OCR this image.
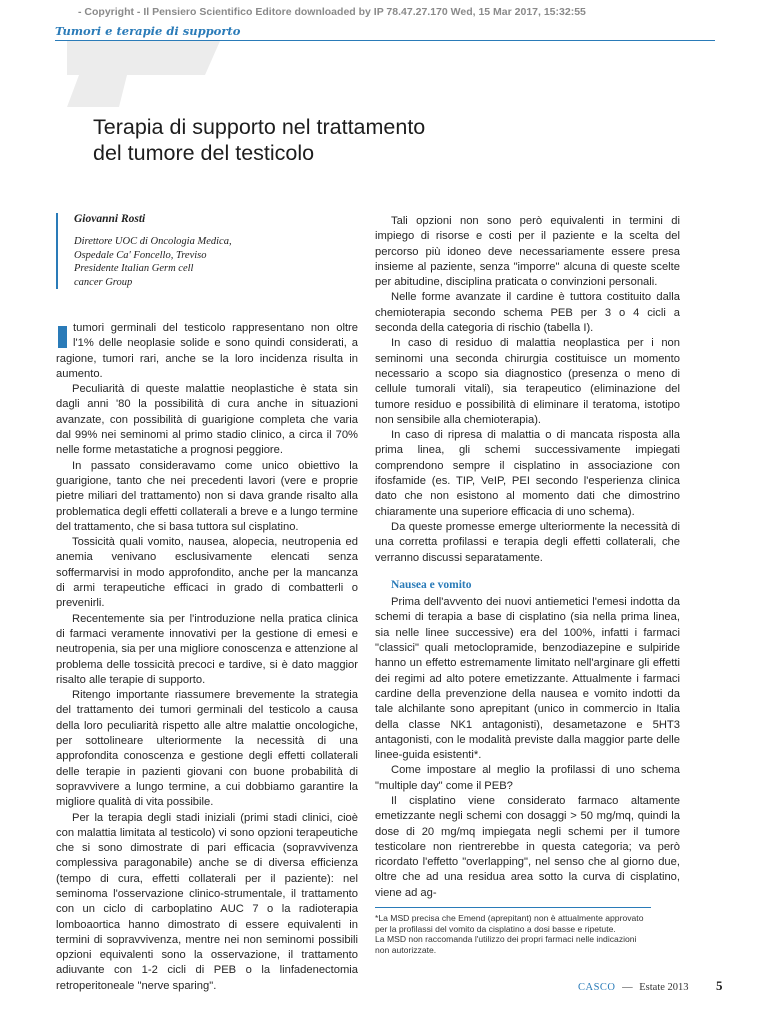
- Copyright - Il Pensiero Scientifico Editore downloaded by IP 78.47.27.170 Wed, 15 Mar 2017, 15:32:55
Tumori e terapie di supporto
Terapia di supporto nel trattamento
del tumore del testicolo
Giovanni Rosti
Direttore UOC di Oncologia Medica,
Ospedale Ca' Foncello, Treviso
Presidente Italian Germ cell
cancer Group

tumori germinali del testicolo rappresentano non oltre l'1% delle neoplasie solide e sono quindi considerati, a ragione, tumori rari, anche se la loro incidenza risulta in aumento.

Peculiarità di queste malattie neoplastiche è stata sin dagli anni '80 la possibilità di cura anche in situazioni avanzate, con possibilità di guarigione completa che varia dal 99% nei seminomi al primo stadio clinico, a circa il 70% nelle forme metastatiche a prognosi peggiore.

In passato consideravamo come unico obiettivo la guarigione, tanto che nei precedenti lavori (vere e proprie pietre miliari del trattamento) non si dava grande risalto alla problematica degli effetti collaterali a breve e a lungo termine del trattamento, che si basa tuttora sul cisplatino.

Tossicità quali vomito, nausea, alopecia, neutropenia ed anemia venivano esclusivamente elencati senza soffermarvisi in modo approfondito, anche per la mancanza di armi terapeutiche efficaci in grado di combatterli o prevenirli.

Recentemente sia per l'introduzione nella pratica clinica di farmaci veramente innovativi per la gestione di emesi e neutropenia, sia per una migliore conoscenza e attenzione al problema delle tossicità precoci e tardive, si è dato maggior risalto alle terapie di supporto.

Ritengo importante riassumere brevemente la strategia del trattamento dei tumori germinali del testicolo a causa della loro peculiarità rispetto alle altre malattie oncologiche, per sottolineare ulteriormente la necessità di una approfondita conoscenza e gestione degli effetti collaterali delle terapie in pazienti giovani con buone probabilità di sopravvivere a lungo termine, a cui dobbiamo garantire la migliore qualità di vita possibile.

Per la terapia degli stadi iniziali (primi stadi clinici, cioè con malattia limitata al testicolo) vi sono opzioni terapeutiche che si sono dimostrate di pari efficacia (sopravvivenza complessiva paragonabile) anche se di diversa efficienza (tempo di cura, effetti collaterali per il paziente): nel seminoma l'osservazione clinico-strumentale, il trattamento con un ciclo di carboplatino AUC 7 o la radioterapia lomboaortica hanno dimostrato di essere equivalenti in termini di sopravvivenza, mentre nei non seminomi possibili opzioni equivalenti sono la osservazione, il trattamento adiuvante con 1-2 cicli di PEB o la linfadenectomia retroperitoneale "nerve sparing".

Tali opzioni non sono però equivalenti in termini di impiego di risorse e costi per il paziente e la scelta del percorso più idoneo deve necessariamente essere presa insieme al paziente, senza "imporre" alcuna di queste scelte per abitudine, disciplina praticata o convinzioni personali.

Nelle forme avanzate il cardine è tuttora costituito dalla chemioterapia secondo schema PEB per 3 o 4 cicli a seconda della categoria di rischio (tabella I).

In caso di residuo di malattia neoplastica per i non seminomi una seconda chirurgia costituisce un momento necessario a scopo sia diagnostico (presenza o meno di cellule tumorali vitali), sia terapeutico (eliminazione del tumore residuo e possibilità di eliminare il teratoma, istotipo non sensibile alla chemioterapia).

In caso di ripresa di malattia o di mancata risposta alla prima linea, gli schemi successivamente impiegati comprendono sempre il cisplatino in associazione con ifosfamide (es. TIP, VeIP, PEI secondo l'esperienza clinica dato che non esistono al momento dati che dimostrino chiaramente una superiore efficacia di uno schema).

Da queste promesse emerge ulteriormente la necessità di una corretta profilassi e terapia degli effetti collaterali, che verranno discussi separatamente.

Nausea e vomito

Prima dell'avvento dei nuovi antiemetici l'emesi indotta da schemi di terapia a base di cisplatino (sia nella prima linea, sia nelle linee successive) era del 100%, infatti i farmaci "classici" quali metoclopramide, benzodiazepine e sulpiride hanno un effetto estremamente limitato nell'arginare gli effetti dei regimi ad alto potere emetizzante. Attualmente i farmaci cardine della prevenzione della nausea e vomito indotti da tale alchilante sono aprepitant (unico in commercio in Italia della classe NK1 antagonisti), desametazone e 5HT3 antagonisti, con le modalità previste dalla maggior parte delle linee-guida esistenti*.

Come impostare al meglio la profilassi di uno schema "multiple day" come il PEB?

Il cisplatino viene considerato farmaco altamente emetizzante negli schemi con dosaggi > 50 mg/mq, quindi la dose di 20 mg/mq impiegata negli schemi per il tumore testicolare non rientrerebbe in questa categoria; va però ricordato l'effetto "overlapping", nel senso che al giorno due, oltre che ad una residua area sotto la curva di cisplatino, viene ad ag-

*La MSD precisa che Emend (aprepitant) non è attualmente approvato
per la profilassi del vomito da cisplatino a dosi basse e ripetute.
La MSD non raccomanda l'utilizzo dei propri farmaci nelle indicazioni
non autorizzate.
CASCO — Estate 2013 5
